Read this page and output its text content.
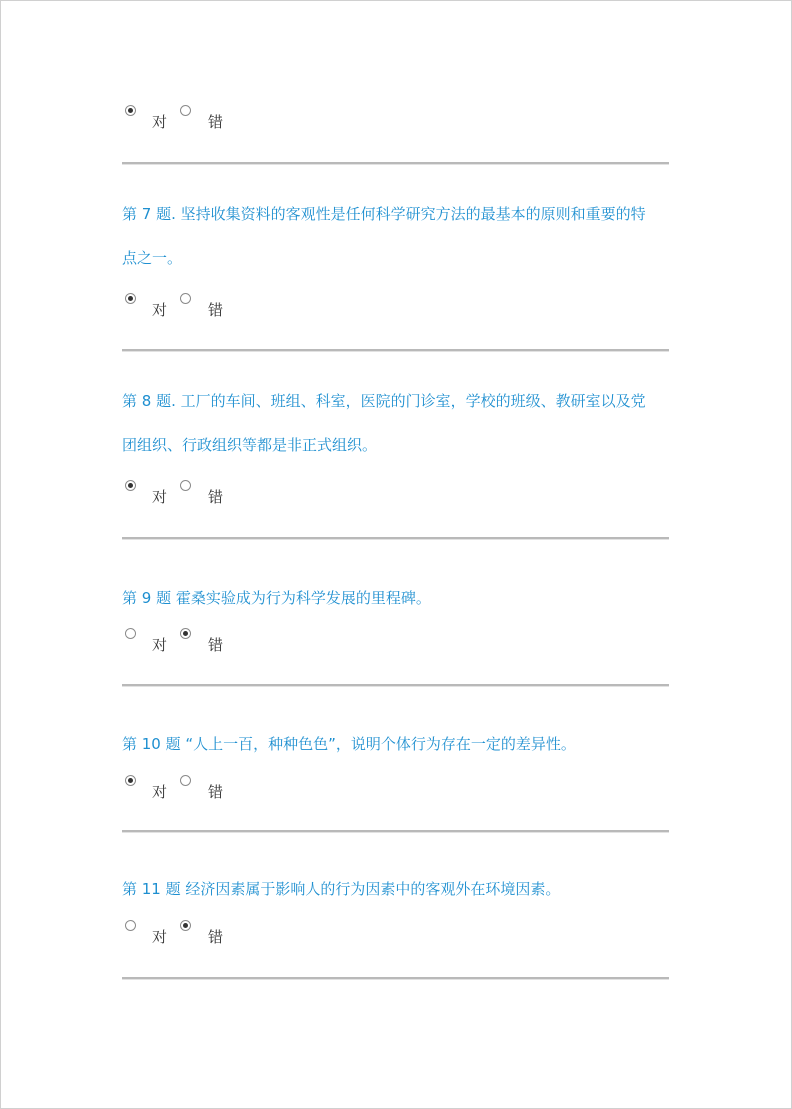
对	错

第 7 题. 坚持收集资料的客观性是任何科学研究方法的最基本的原则和重要的特

点之一。

对	错

第 8 题. 工厂的车间、班组、科室，医院的门诊室，学校的班级、教研室以及党

团组织、行政组织等都是非正式组织。

对	错

第 9 题 霍桑实验成为行为科学发展的里程碑。

对	错

第 10 题 “人上一百，种种色色”，说明个体行为存在一定的差异性。

对	错

第 11 题 经济因素属于影响人的行为因素中的客观外在环境因素。

对	错
